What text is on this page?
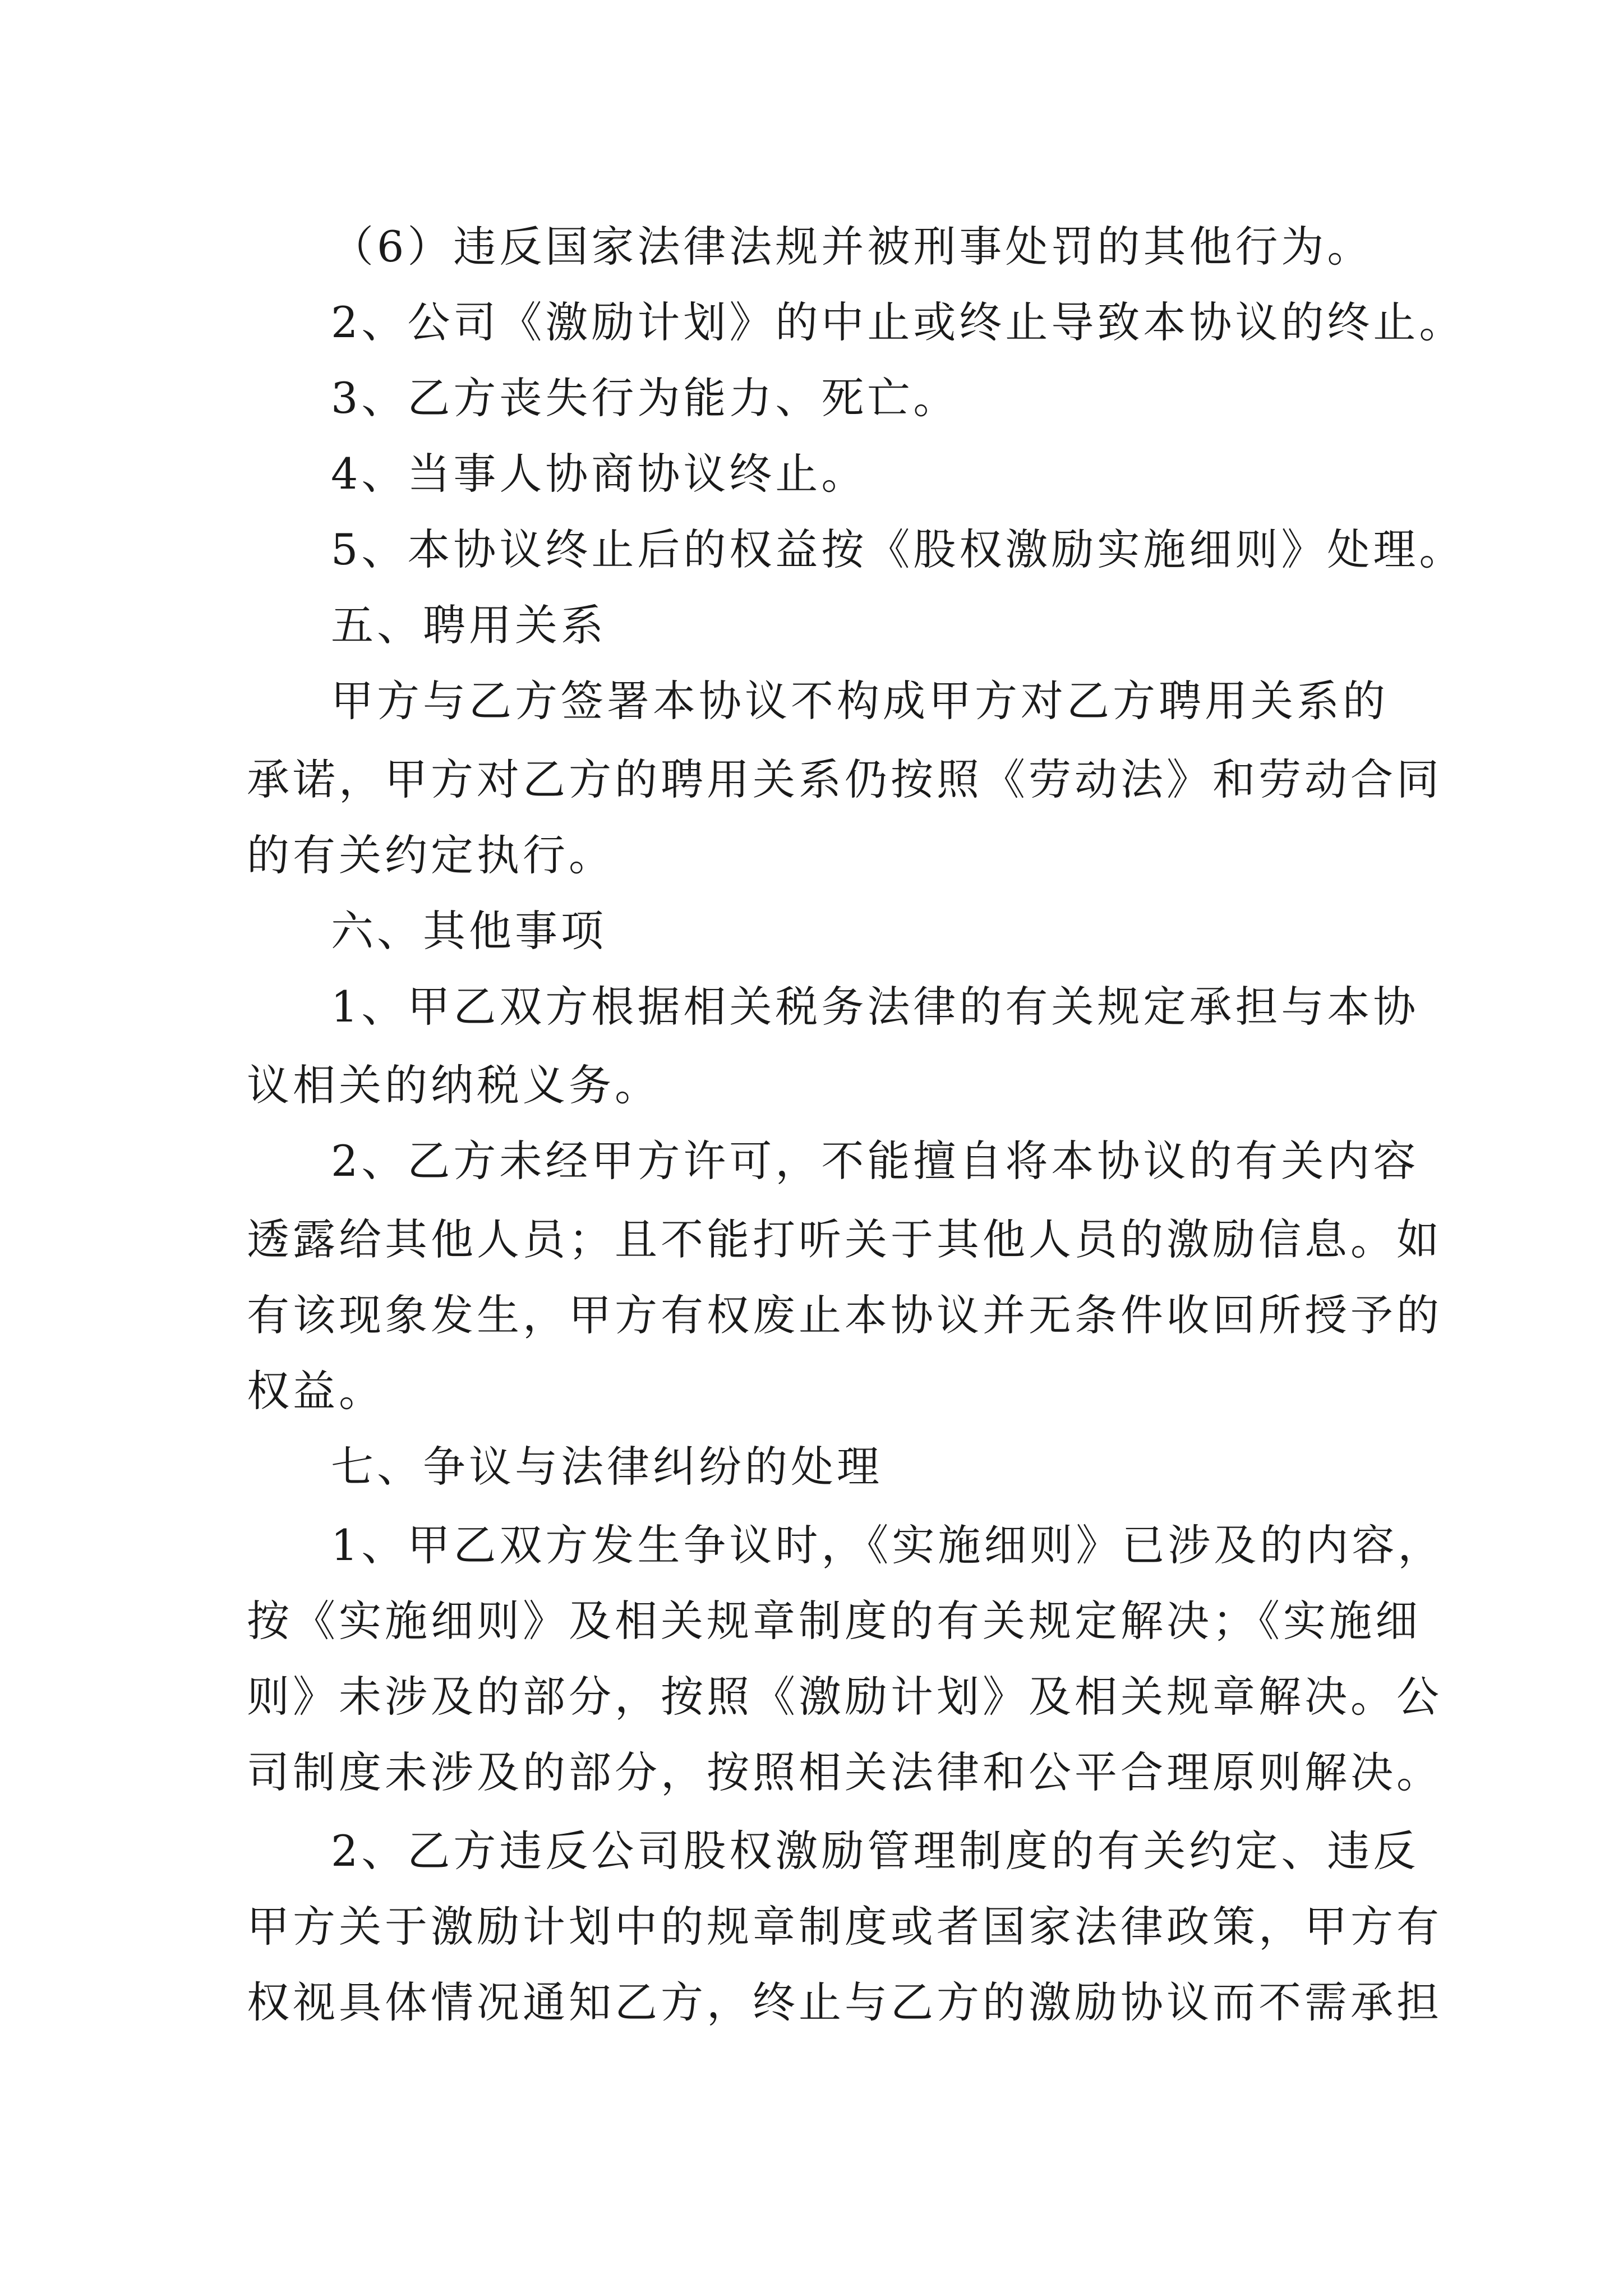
（6）违反国家法律法规并被刑事处罚的其他行为。
2、公司《激励计划》的中止或终止导致本协议的终止。
3、乙方丧失行为能力、死亡。
4、当事人协商协议终止。
5、本协议终止后的权益按《股权激励实施细则》处理。
五、聘用关系
甲方与乙方签署本协议不构成甲方对乙方聘用关系的
承诺，甲方对乙方的聘用关系仍按照《劳动法》和劳动合同
的有关约定执行。
六、其他事项
1、甲乙双方根据相关税务法律的有关规定承担与本协
议相关的纳税义务。
2、乙方未经甲方许可，不能擅自将本协议的有关内容
透露给其他人员；且不能打听关于其他人员的激励信息。如
有该现象发生，甲方有权废止本协议并无条件收回所授予的
权益。
七、争议与法律纠纷的处理
1、甲乙双方发生争议时，《实施细则》已涉及的内容，
按《实施细则》及相关规章制度的有关规定解决；《实施细
则》未涉及的部分，按照《激励计划》及相关规章解决。公
司制度未涉及的部分，按照相关法律和公平合理原则解决。
2、乙方违反公司股权激励管理制度的有关约定、违反
甲方关于激励计划中的规章制度或者国家法律政策，甲方有
权视具体情况通知乙方，终止与乙方的激励协议而不需承担
